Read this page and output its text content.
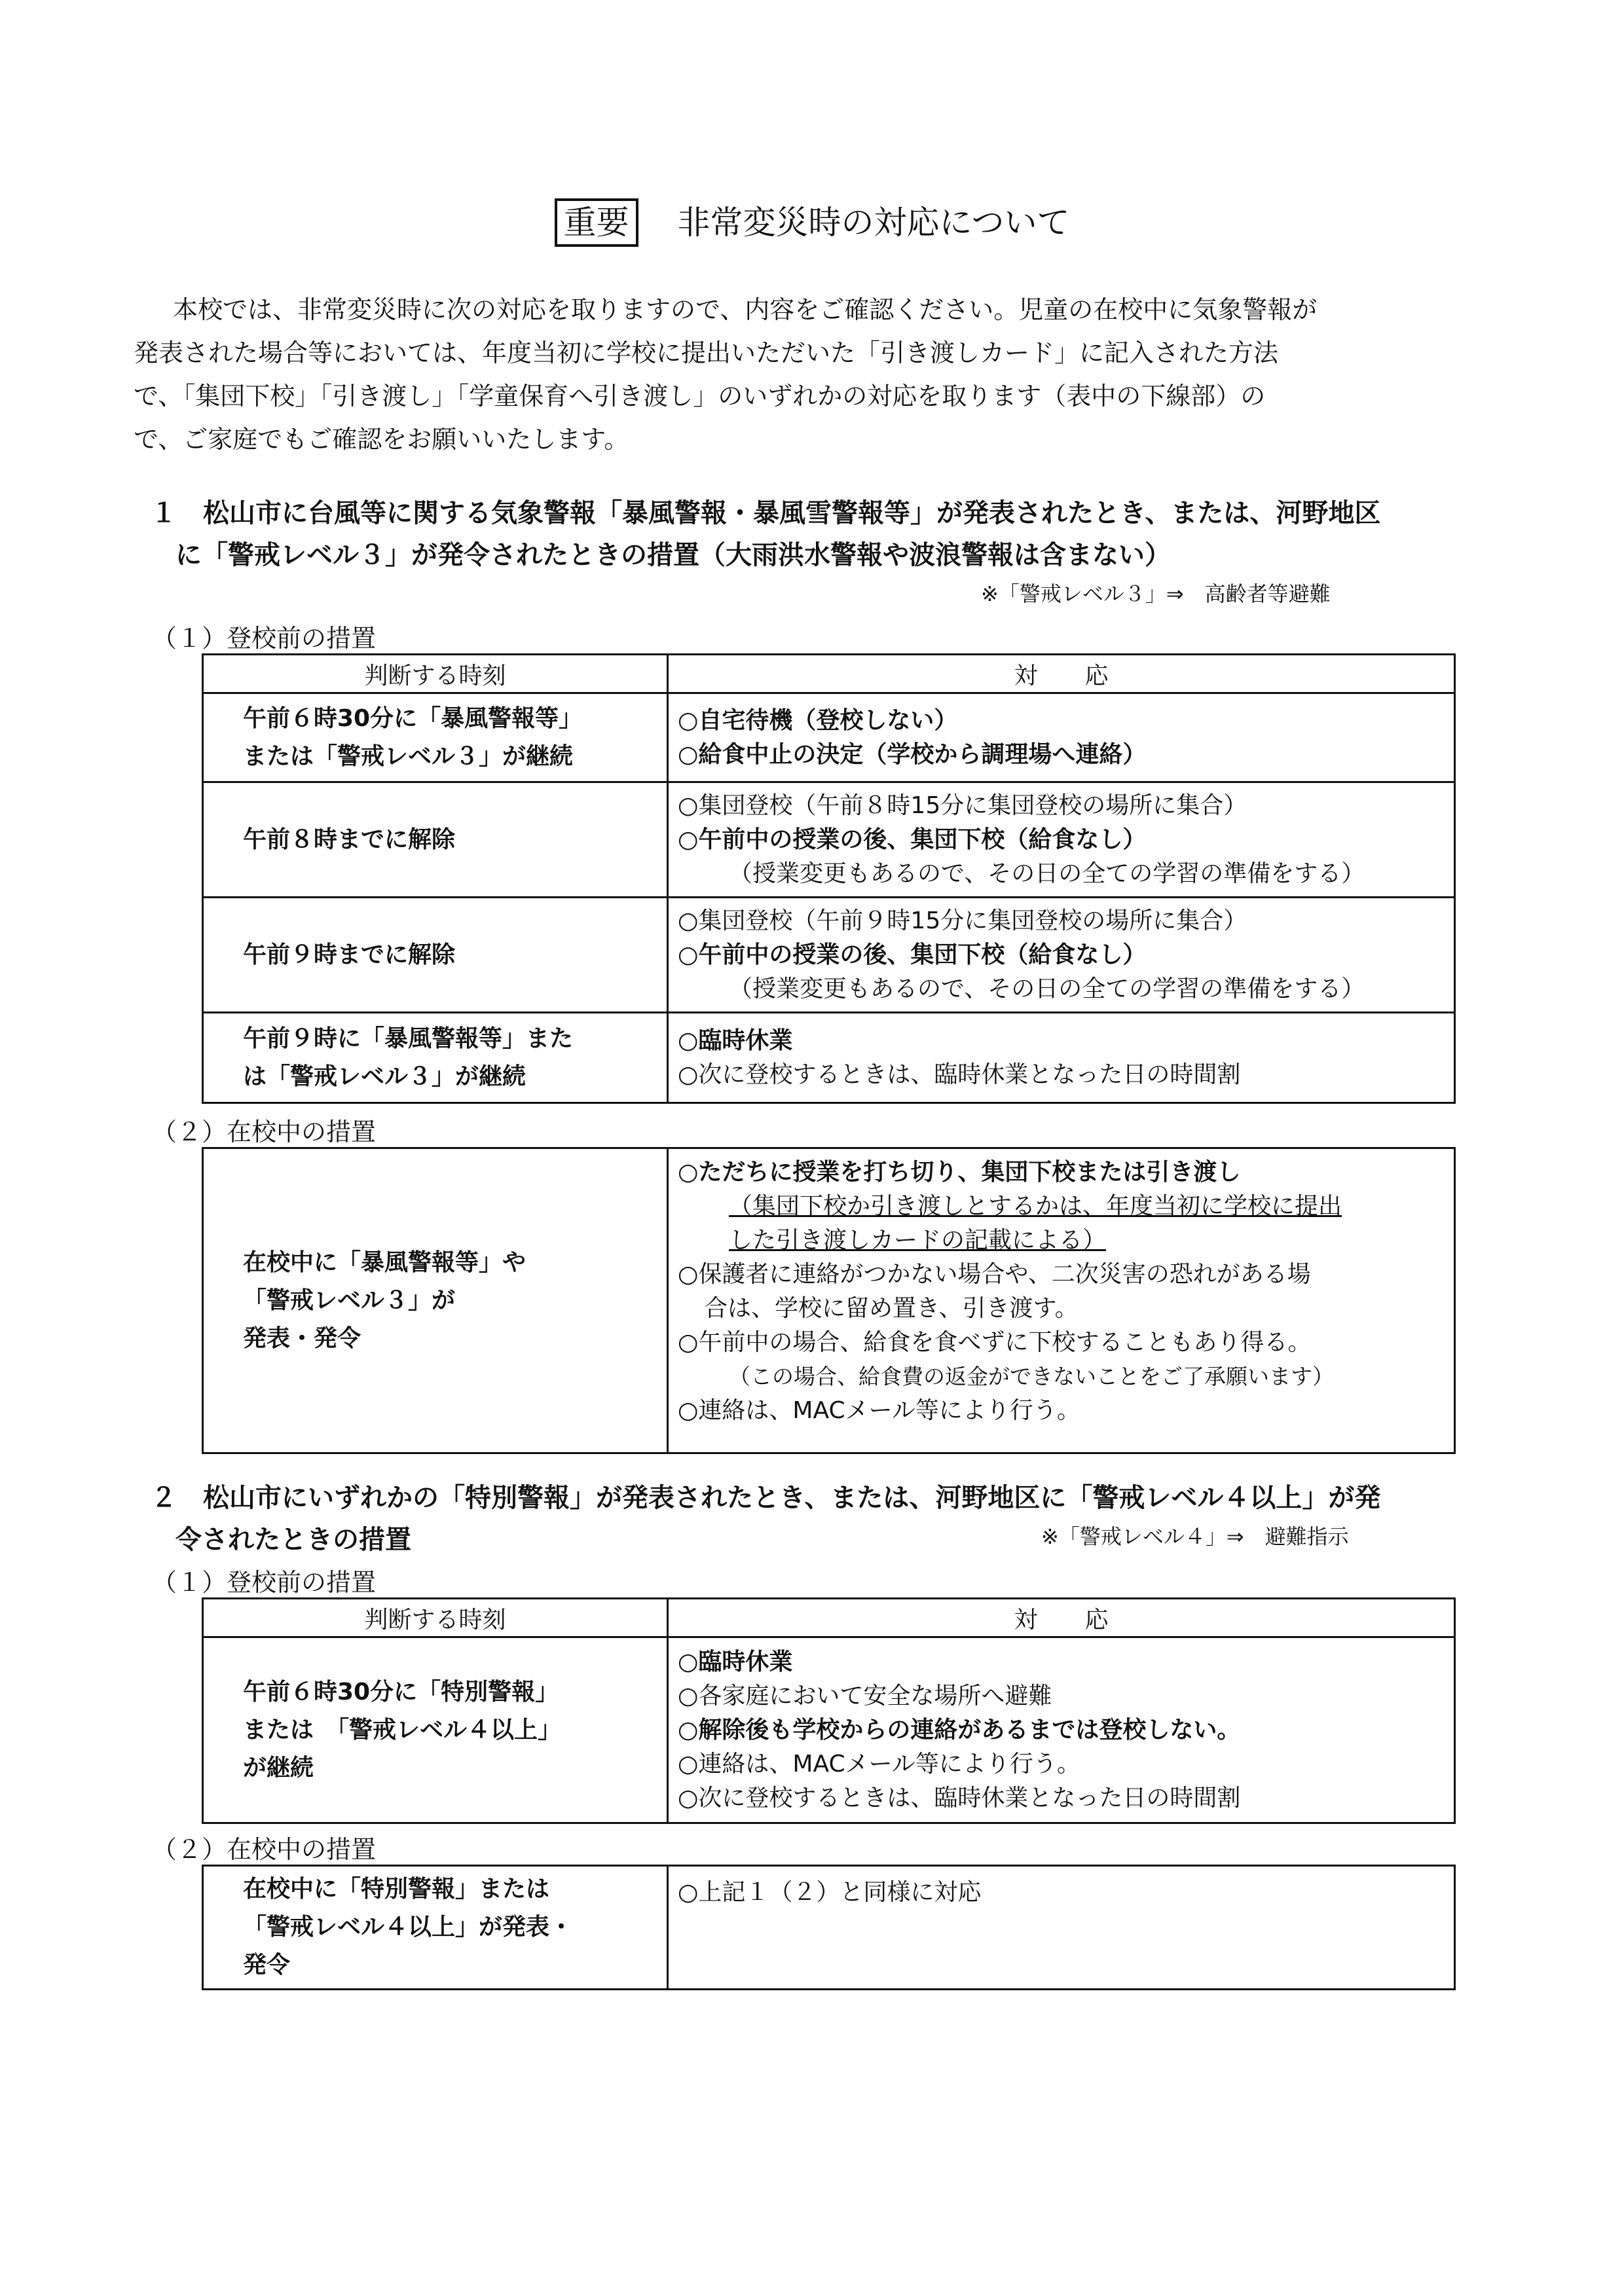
重要 非常変災時の対応について

本校では、非常変災時に次の対応を取りますので、内容をご確認ください。児童の在校中に気象警報が

発表された場合等においては、年度当初に学校に提出いただいた「引き渡しカード」に記入された方法

で、「集団下校」「引き渡し」「学童保育へ引き渡し」のいずれかの対応を取ります（表中の下線部）の

で、ご家庭でもご確認をお願いいたします。

１　松山市に台風等に関する気象警報「暴風警報・暴風雪警報等」が発表されたとき、または、河野地区
に「警戒レベル３」が発令されたときの措置（大雨洪水警報や波浪警報は含まない）
※「警戒レベル３」⇒　高齢者等避難
（１）登校前の措置
判断する時刻	対　　応

午前６時30分に「暴風警報等」
または「警戒レベル３」が継続	○自宅待機（登校しない）
○給食中止の決定（学校から調理場へ連絡）

午前８時までに解除	○集団登校（午前８時15分に集団登校の場所に集合）
○午前中の授業の後、集団下校（給食なし）
（授業変更もあるので、その日の全ての学習の準備をする）

午前９時までに解除	○集団登校（午前９時15分に集団登校の場所に集合）
○午前中の授業の後、集団下校（給食なし）
（授業変更もあるので、その日の全ての学習の準備をする）

午前９時に「暴風警報等」また
は「警戒レベル３」が継続	○臨時休業
○次に登校するときは、臨時休業となった日の時間割
（２）在校中の措置
在校中に「暴風警報等」や
「警戒レベル３」が
発表・発令

○ただちに授業を打ち切り、集団下校または引き渡し
（集団下校か引き渡しとするかは、年度当初に学校に提出
した引き渡しカードの記載による）
○保護者に連絡がつかない場合や、二次災害の恐れがある場
合は、学校に留め置き、引き渡す。
○午前中の場合、給食を食べずに下校することもあり得る。
（この場合、給食費の返金ができないことをご了承願います）
○連絡は、MACメール等により行う。
２　松山市にいずれかの「特別警報」が発表されたとき、または、河野地区に「警戒レベル４以上」が発
令されたときの措置	※「警戒レベル４」⇒　避難指示
（１）登校前の措置
判断する時刻	対　　応

午前６時30分に「特別警報」
または　「警戒レベル４以上」
が継続	○臨時休業
○各家庭において安全な場所へ避難
○解除後も学校からの連絡があるまでは登校しない。
○連絡は、MACメール等により行う。
○次に登校するときは、臨時休業となった日の時間割
（２）在校中の措置
在校中に「特別警報」または
「警戒レベル４以上」が発表・
発令

○上記１（２）と同様に対応
